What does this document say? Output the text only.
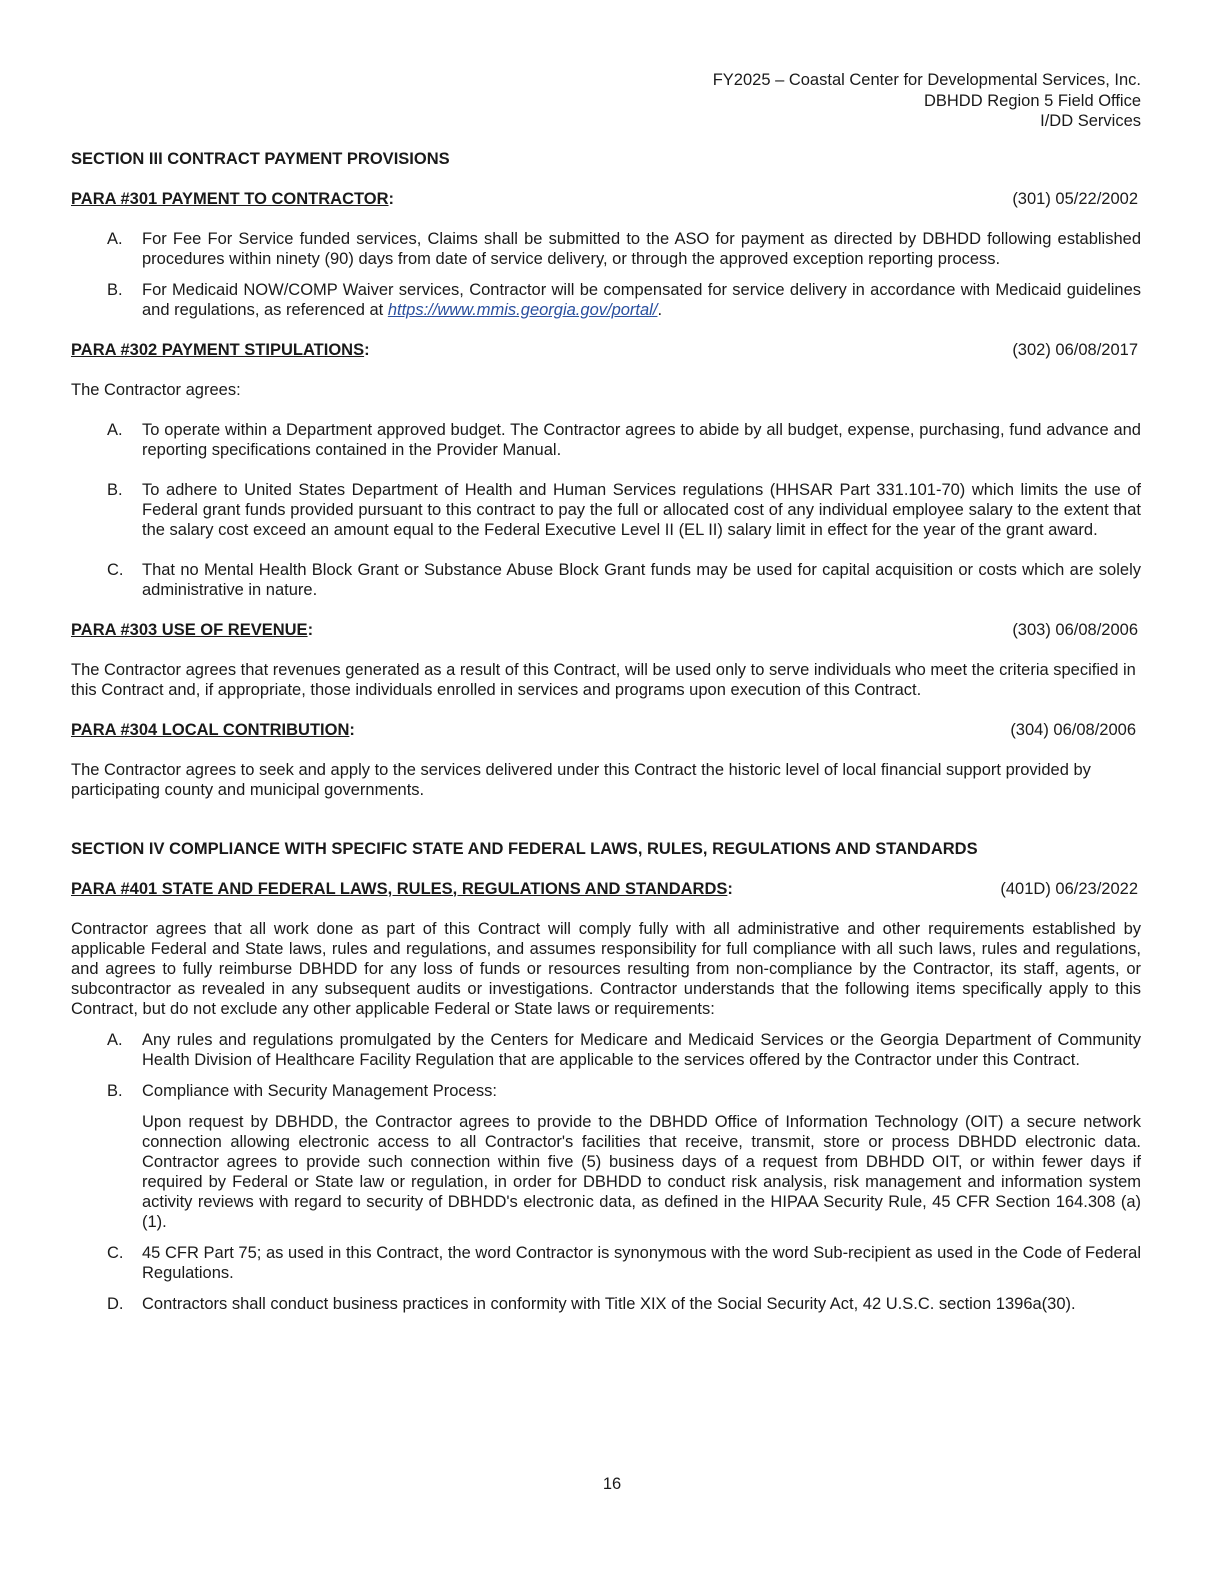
FY2025 – Coastal Center for Developmental Services, Inc.
DBHDD Region 5 Field Office
I/DD Services
SECTION III CONTRACT PAYMENT PROVISIONS
PARA #301 PAYMENT TO CONTRACTOR:	(301) 05/22/2002
A.	For Fee For Service funded services, Claims shall be submitted to the ASO for payment as directed by DBHDD following established procedures within ninety (90) days from date of service delivery, or through the approved exception reporting process.
B.	For Medicaid NOW/COMP Waiver services, Contractor will be compensated for service delivery in accordance with Medicaid guidelines and regulations, as referenced at https://www.mmis.georgia.gov/portal/.
PARA #302 PAYMENT STIPULATIONS:	(302) 06/08/2017
The Contractor agrees:
A.	To operate within a Department approved budget. The Contractor agrees to abide by all budget, expense, purchasing, fund advance and reporting specifications contained in the Provider Manual.
B.	To adhere to United States Department of Health and Human Services regulations (HHSAR Part 331.101-70) which limits the use of Federal grant funds provided pursuant to this contract to pay the full or allocated cost of any individual employee salary to the extent that the salary cost exceed an amount equal to the Federal Executive Level II (EL II) salary limit in effect for the year of the grant award.
C.	That no Mental Health Block Grant or Substance Abuse Block Grant funds may be used for capital acquisition or costs which are solely administrative in nature.
PARA #303 USE OF REVENUE:	(303) 06/08/2006
The Contractor agrees that revenues generated as a result of this Contract, will be used only to serve individuals who meet the criteria specified in this Contract and, if appropriate, those individuals enrolled in services and programs upon execution of this Contract.
PARA #304 LOCAL CONTRIBUTION:	(304) 06/08/2006
The Contractor agrees to seek and apply to the services delivered under this Contract the historic level of local financial support provided by participating county and municipal governments.
SECTION IV COMPLIANCE WITH SPECIFIC STATE AND FEDERAL LAWS, RULES, REGULATIONS AND STANDARDS
PARA #401 STATE AND FEDERAL LAWS, RULES, REGULATIONS AND STANDARDS:	(401D) 06/23/2022
Contractor agrees that all work done as part of this Contract will comply fully with all administrative and other requirements established by applicable Federal and State laws, rules and regulations, and assumes responsibility for full compliance with all such laws, rules and regulations, and agrees to fully reimburse DBHDD for any loss of funds or resources resulting from non-compliance by the Contractor, its staff, agents, or subcontractor as revealed in any subsequent audits or investigations. Contractor understands that the following items specifically apply to this Contract, but do not exclude any other applicable Federal or State laws or requirements:
A.	Any rules and regulations promulgated by the Centers for Medicare and Medicaid Services or the Georgia Department of Community Health Division of Healthcare Facility Regulation that are applicable to the services offered by the Contractor under this Contract.
B.	Compliance with Security Management Process:
Upon request by DBHDD, the Contractor agrees to provide to the DBHDD Office of Information Technology (OIT) a secure network connection allowing electronic access to all Contractor's facilities that receive, transmit, store or process DBHDD electronic data. Contractor agrees to provide such connection within five (5) business days of a request from DBHDD OIT, or within fewer days if required by Federal or State law or regulation, in order for DBHDD to conduct risk analysis, risk management and information system activity reviews with regard to security of DBHDD's electronic data, as defined in the HIPAA Security Rule, 45 CFR Section 164.308 (a)(1).
C.	45 CFR Part 75; as used in this Contract, the word Contractor is synonymous with the word Sub-recipient as used in the Code of Federal Regulations.
D.	Contractors shall conduct business practices in conformity with Title XIX of the Social Security Act, 42 U.S.C. section 1396a(30).
16
